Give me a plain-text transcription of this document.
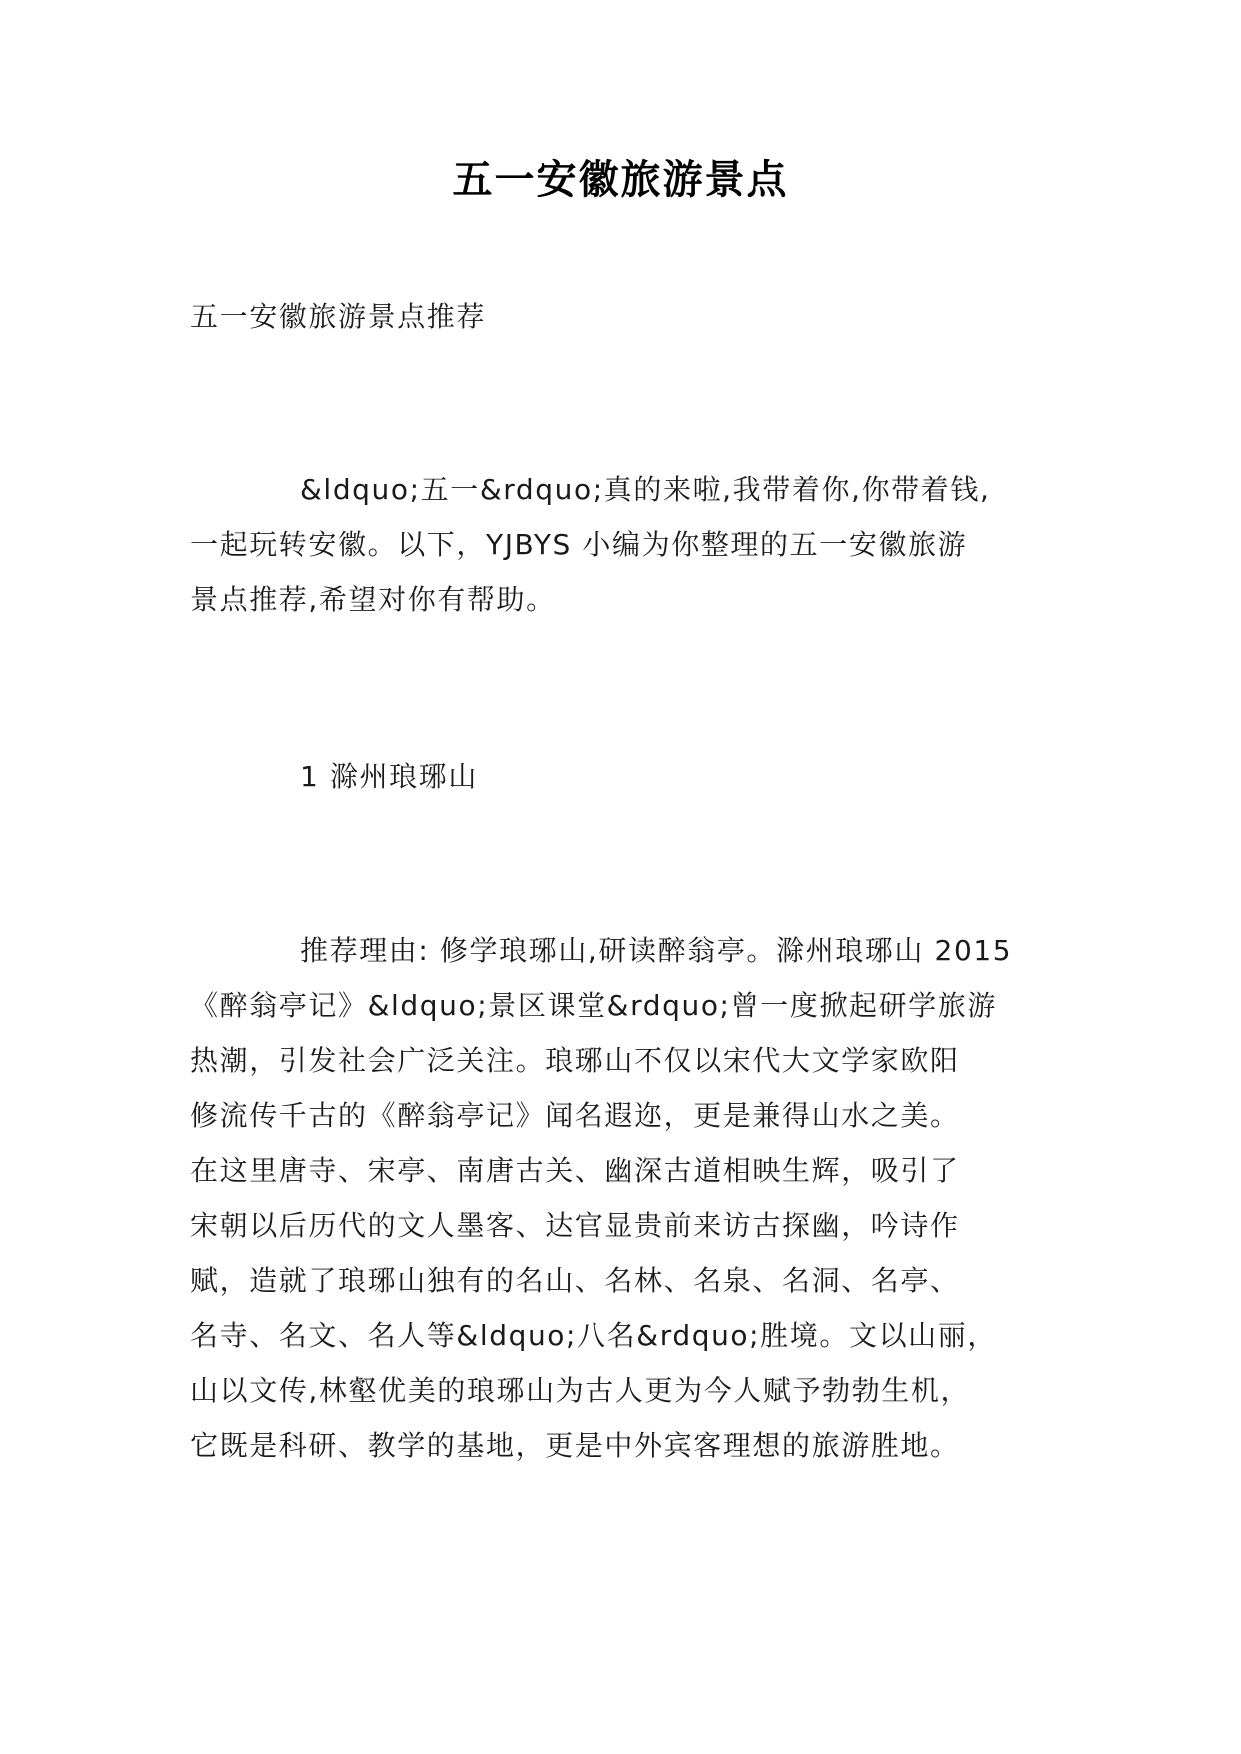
五一安徽旅游景点
五一安徽旅游景点推荐
&ldquo;五一&rdquo;真的来啦,我带着你,你带着钱,
一起玩转安徽。以下，YJBYS 小编为你整理的五一安徽旅游
景点推荐,希望对你有帮助。
1 滁州琅琊山
推荐理由: 修学琅琊山,研读醉翁亭。滁州琅琊山 2015
《醉翁亭记》&ldquo;景区课堂&rdquo;曾一度掀起研学旅游
热潮，引发社会广泛关注。琅琊山不仅以宋代大文学家欧阳
修流传千古的《醉翁亭记》闻名遐迩，更是兼得山水之美。
在这里唐寺、宋亭、南唐古关、幽深古道相映生辉，吸引了
宋朝以后历代的文人墨客、达官显贵前来访古探幽，吟诗作
赋，造就了琅琊山独有的名山、名林、名泉、名洞、名亭、
名寺、名文、名人等&ldquo;八名&rdquo;胜境。文以山丽，
山以文传,林壑优美的琅琊山为古人更为今人赋予勃勃生机，
它既是科研、教学的基地，更是中外宾客理想的旅游胜地。
